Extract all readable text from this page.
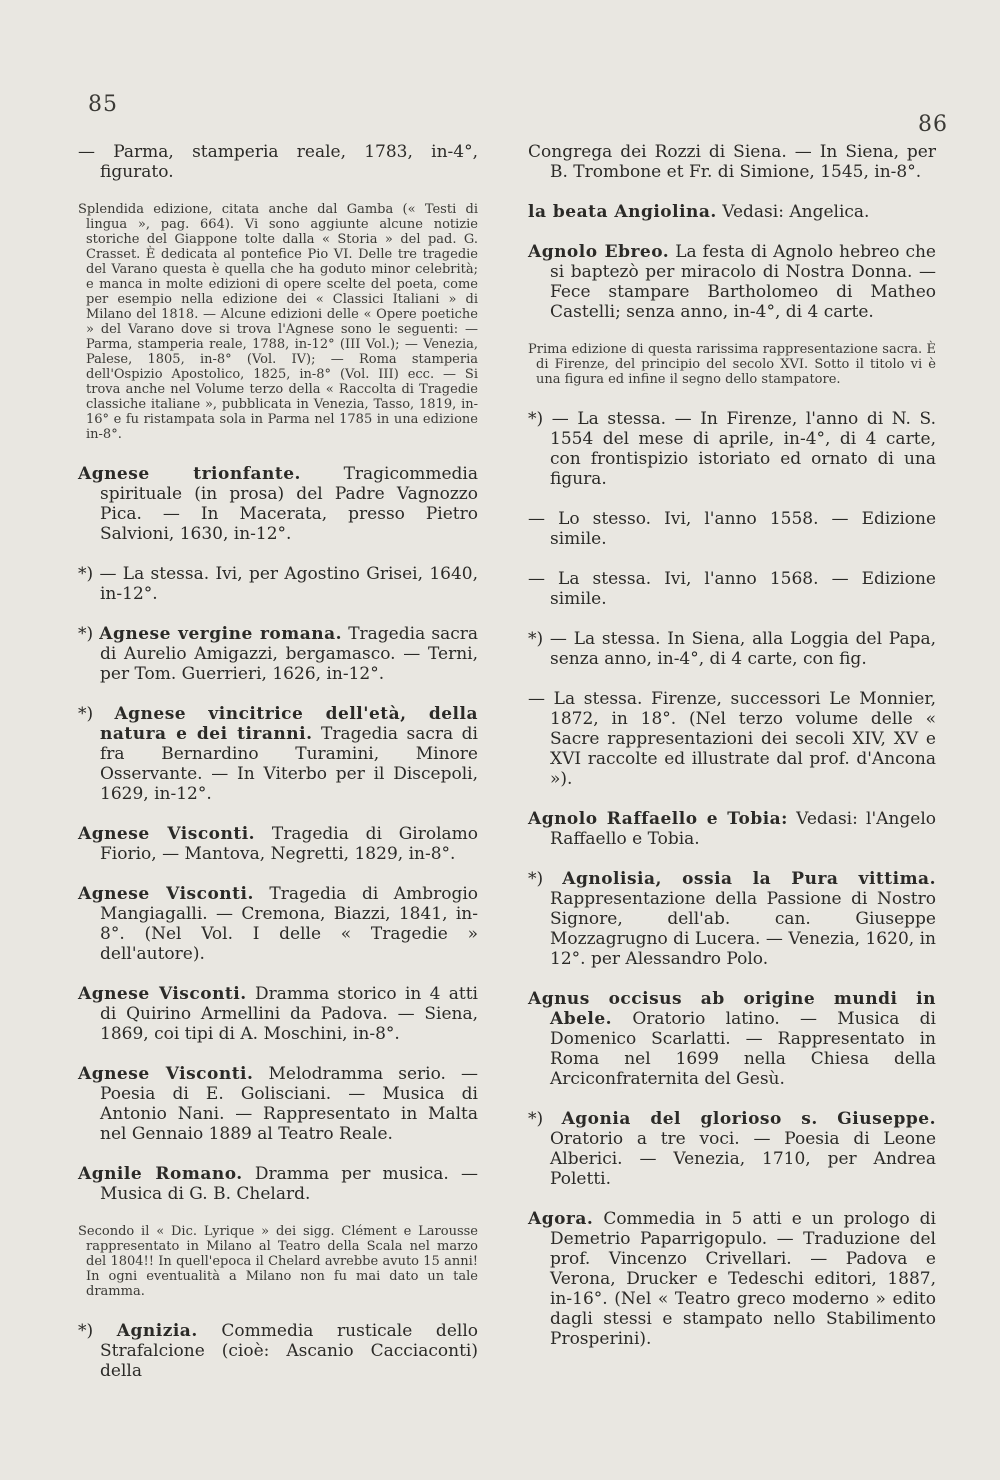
85
86
— Parma, stamperia reale, 1783, in-4°, figurato.
Splendida edizione, citata anche dal Gamba (« Testi di lingua », pag. 664). Vi sono aggiunte alcune notizie storiche del Giappone tolte dalla « Storia » del pad. G. Crasset. È dedicata al pontefice Pio VI. Delle tre tragedie del Varano questa è quella che ha goduto minor celebrità; e manca in molte edizioni di opere scelte del poeta, come per esempio nella edizione dei « Classici Italiani » di Milano del 1818. — Alcune edizioni delle « Opere poetiche » del Varano dove si trova l'Agnese sono le seguenti: — Parma, stamperia reale, 1788, in-12° (III Vol.); — Venezia, Palese, 1805, in-8° (Vol. IV); — Roma stamperia dell'Ospizio Apostolico, 1825, in-8° (Vol. III) ecc. — Si trova anche nel Volume terzo della « Raccolta di Tragedie classiche italiane », pubblicata in Venezia, Tasso, 1819, in-16° e fu ristampata sola in Parma nel 1785 in una edizione in-8°.
Agnese trionfante.	Tragicommedia spirituale (in prosa) del Padre Vagnozzo Pica. — In Macerata, presso Pietro Salvioni, 1630, in-12°.
*) — La stessa. Ivi, per Agostino Grisei, 1640, in-12°.
*) Agnese vergine romana. Tragedia sacra di Aurelio Amigazzi, bergamasco. — Terni, per Tom. Guerrieri, 1626, in-12°.
*) Agnese vincitrice dell'età, della natura e dei tiranni. Tragedia sacra di fra Bernardino Turamini, Minore Osservante. — In Viterbo per il Discepoli, 1629, in-12°.
Agnese Visconti. Tragedia di Girolamo Fiorio, — Mantova, Negretti, 1829, in-8°.
Agnese Visconti. Tragedia di Ambrogio Mangiagalli. — Cremona, Biazzi, 1841, in-8°. (Nel Vol. I delle « Tragedie » dell'autore).
Agnese Visconti. Dramma storico in 4 atti di Quirino Armellini da Padova. — Siena, 1869, coi tipi di A. Moschini, in-8°.
Agnese Visconti. Melodramma serio. — Poesia di E. Golisciani. — Musica di Antonio Nani. — Rappresentato in Malta nel Gennaio 1889 al Teatro Reale.
Agnile Romano. Dramma per musica. — Musica di G. B. Chelard.
Secondo il « Dic. Lyrique » dei sigg. Clément e Larousse rappresentato in Milano al Teatro della Scala nel marzo del 1804!! In quell'epoca il Chelard avrebbe avuto 15 anni! In ogni eventualità a Milano non fu mai dato un tale dramma.
*) Agnizia. Commedia rusticale dello Strafalcione (cioè: Ascanio Cacciaconti) della
Congrega dei Rozzi di Siena. — In Siena, per B. Trombone et Fr. di Simione, 1545, in-8°.
la beata Angiolina. Vedasi: Angelica.
Agnolo Ebreo. La festa di Agnolo hebreo che si baptezò per miracolo di Nostra Donna. — Fece stampare Bartholomeo di Matheo Castelli; senza anno, in-4°, di 4 carte.
Prima edizione di questa rarissima rappresentazione sacra. È di Firenze, del principio del secolo XVI. Sotto il titolo vi è una figura ed infine il segno dello stampatore.
*) — La stessa. — In Firenze, l'anno di N. S. 1554 del mese di aprile, in-4°, di 4 carte, con frontispizio istoriato ed ornato di una figura.
— Lo stesso. Ivi, l'anno 1558. — Edizione simile.
— La stessa. Ivi, l'anno 1568. — Edizione simile.
*) — La stessa. In Siena, alla Loggia del Papa, senza anno, in-4°, di 4 carte, con fig.
— La stessa. Firenze, successori Le Monnier, 1872, in 18°. (Nel terzo volume delle « Sacre rappresentazioni dei secoli XIV, XV e XVI raccolte ed illustrate dal prof. d'Ancona »).
Agnolo Raffaello e Tobia: Vedasi: l'Angelo Raffaello e Tobia.
*) Agnolisia, ossia la Pura vittima. Rappresentazione della Passione di Nostro Signore, dell'ab. can. Giuseppe Mozzagrugno di Lucera. — Venezia, 1620, in 12°. per Alessandro Polo.
Agnus occisus ab origine mundi in Abele. Oratorio latino. — Musica di Domenico Scarlatti. — Rappresentato in Roma nel 1699 nella Chiesa della Arciconfraternita del Gesù.
*) Agonia del glorioso s. Giuseppe. Oratorio a tre voci. — Poesia di Leone Alberici. — Venezia, 1710, per Andrea Poletti.
Agora. Commedia in 5 atti e un prologo di Demetrio Paparrigopulo. — Traduzione del prof. Vincenzo Crivellari. — Padova e Verona, Drucker e Tedeschi editori, 1887, in-16°. (Nel « Teatro greco moderno » edito dagli stessi e stampato nello Stabilimento Prosperini).
